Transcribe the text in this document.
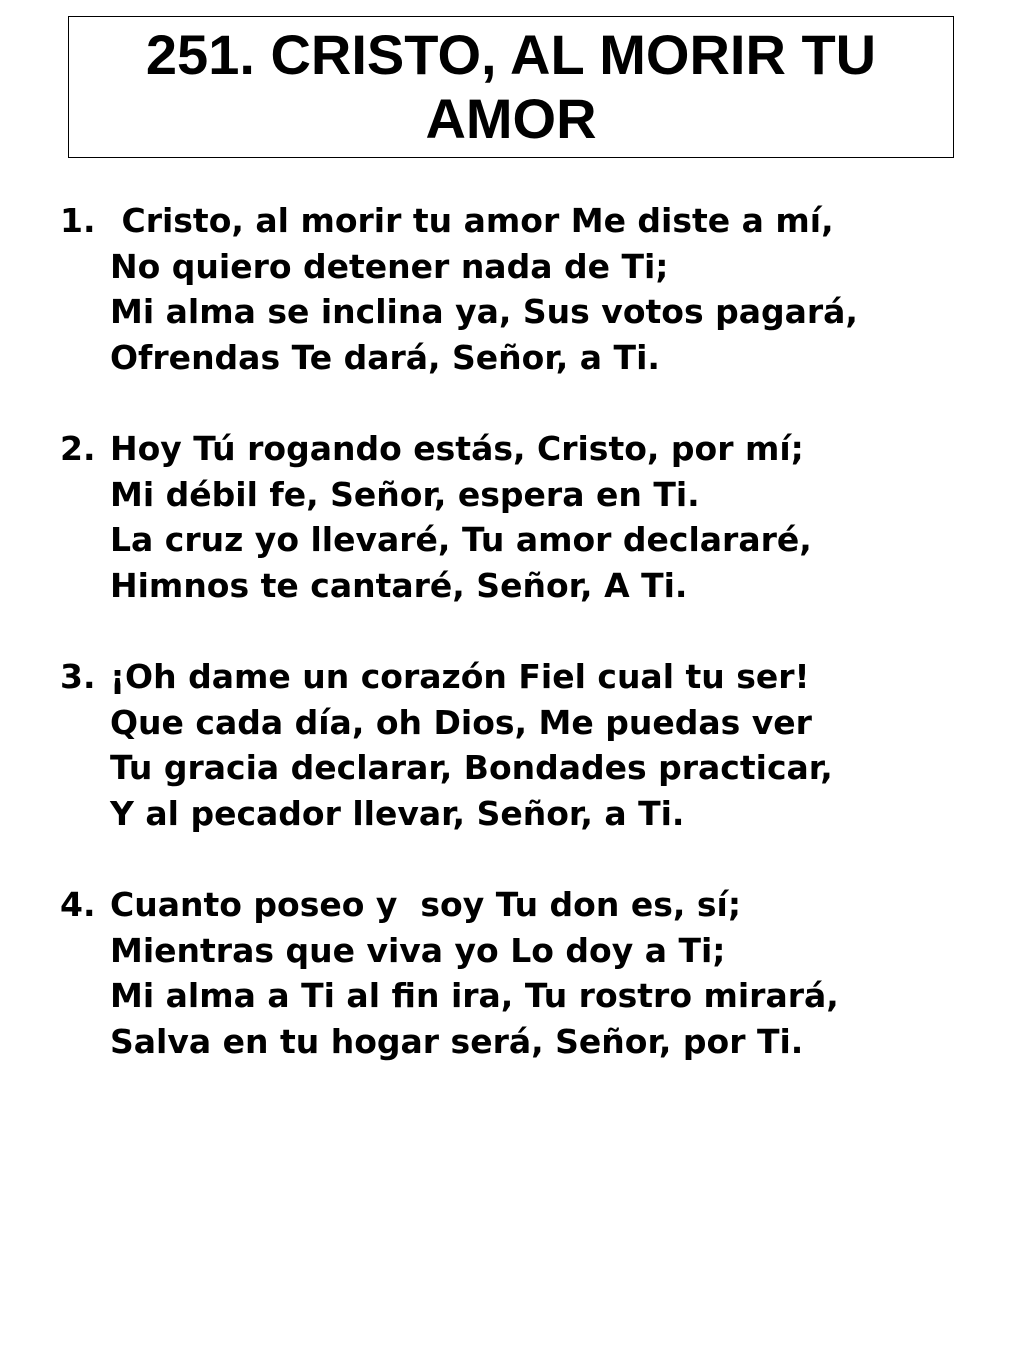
251. CRISTO, AL MORIR TU AMOR
1. Cristo, al morir tu amor Me diste a mí,
No quiero detener nada de Ti;
Mi alma se inclina ya, Sus votos pagará,
Ofrendas Te dará, Señor, a Ti.
2. Hoy Tú rogando estás, Cristo, por mí;
Mi débil fe, Señor, espera en Ti.
La cruz yo llevaré, Tu amor declararé,
Himnos te cantaré, Señor, A Ti.
3. ¡Oh dame un corazón Fiel cual tu ser!
Que cada día, oh Dios, Me puedas ver
Tu gracia declarar, Bondades practicar,
Y al pecador llevar, Señor, a Ti.
4. Cuanto poseo y  soy Tu don es, sí;
Mientras que viva yo Lo doy a Ti;
Mi alma a Ti al fin ira, Tu rostro mirará,
Salva en tu hogar será, Señor, por Ti.
